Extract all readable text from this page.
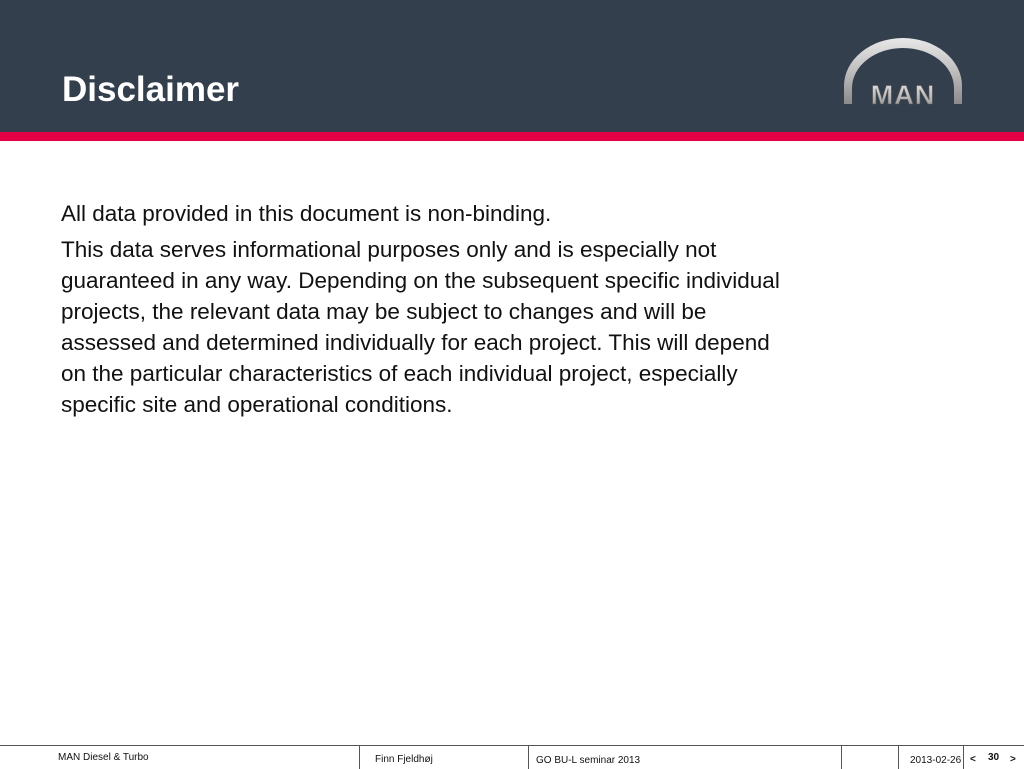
Disclaimer	MAN

All data provided in this document is non-binding.

This data serves informational purposes only and is especially not guaranteed in any way. Depending on the subsequent specific individual projects, the relevant data may be subject to changes and will be assessed and determined individually for each project. This will depend on the particular characteristics of each individual project, especially specific site and operational conditions.

MAN Diesel & Turbo	Finn Fjeldhøj	GO BU-L seminar 2013	2013-02-26 < 30 >
